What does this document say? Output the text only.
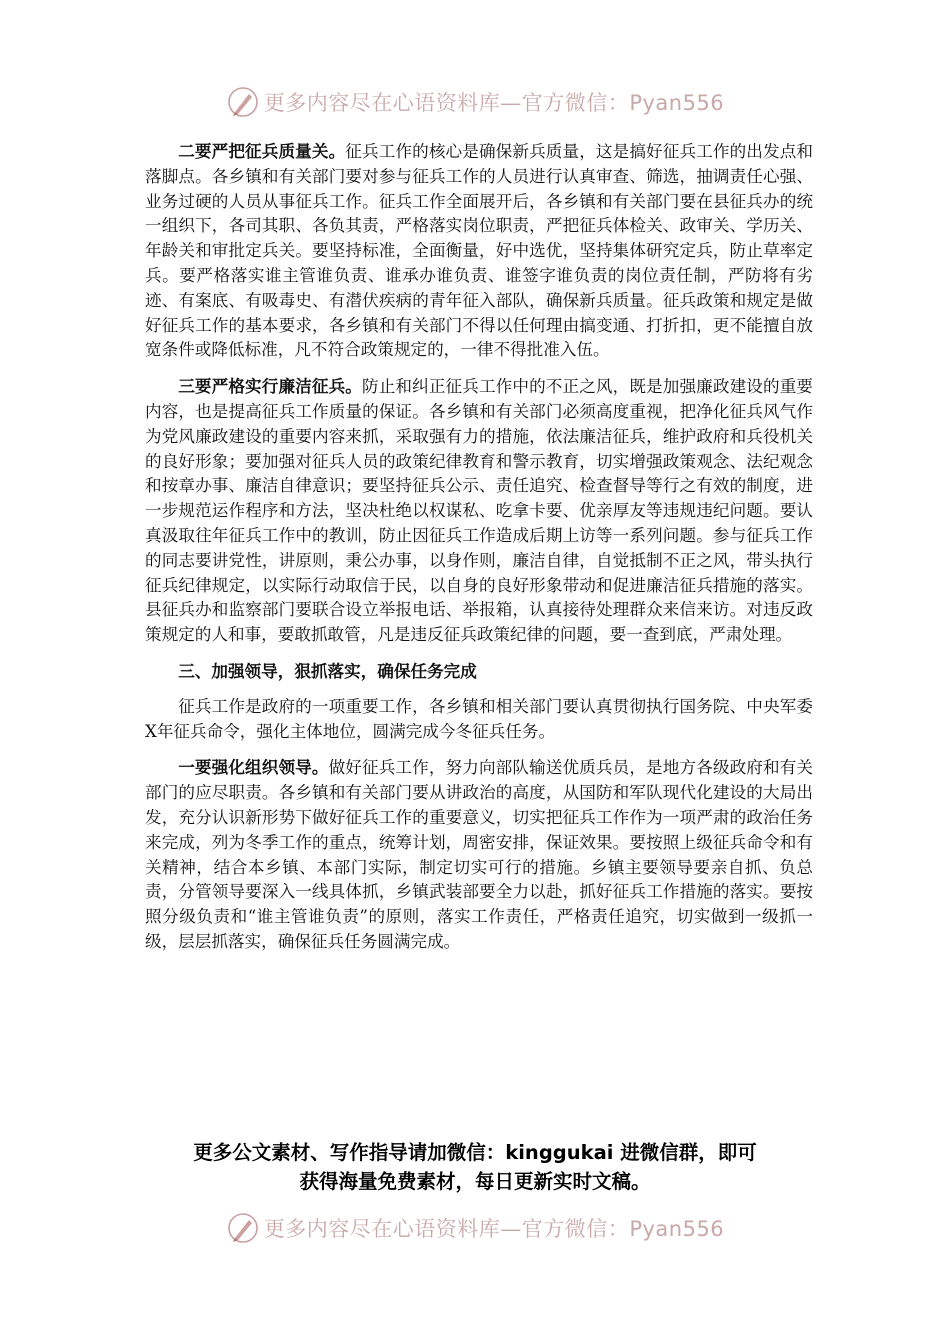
更多内容尽在心语资料库—官方微信：Pyan556

二要严把征兵质量关。征兵工作的核心是确保新兵质量，这是搞好征兵工作的出发点和落脚点。各乡镇和有关部门要对参与征兵工作的人员进行认真审查、筛选，抽调责任心强、业务过硬的人员从事征兵工作。征兵工作全面展开后，各乡镇和有关部门要在县征兵办的统一组织下，各司其职、各负其责，严格落实岗位职责，严把征兵体检关、政审关、学历关、年龄关和审批定兵关。要坚持标准，全面衡量，好中选优，坚持集体研究定兵，防止草率定兵。要严格落实谁主管谁负责、谁承办谁负责、谁签字谁负责的岗位责任制，严防将有劣迹、有案底、有吸毒史、有潜伏疾病的青年征入部队，确保新兵质量。征兵政策和规定是做好征兵工作的基本要求，各乡镇和有关部门不得以任何理由搞变通、打折扣，更不能擅自放宽条件或降低标准，凡不符合政策规定的，一律不得批准入伍。

三要严格实行廉洁征兵。防止和纠正征兵工作中的不正之风，既是加强廉政建设的重要内容，也是提高征兵工作质量的保证。各乡镇和有关部门必须高度重视，把净化征兵风气作为党风廉政建设的重要内容来抓，采取强有力的措施，依法廉洁征兵，维护政府和兵役机关的良好形象；要加强对征兵人员的政策纪律教育和警示教育，切实增强政策观念、法纪观念和按章办事、廉洁自律意识；要坚持征兵公示、责任追究、检查督导等行之有效的制度，进一步规范运作程序和方法，坚决杜绝以权谋私、吃拿卡要、优亲厚友等违规违纪问题。要认真汲取往年征兵工作中的教训，防止因征兵工作造成后期上访等一系列问题。参与征兵工作的同志要讲党性，讲原则，秉公办事，以身作则，廉洁自律，自觉抵制不正之风，带头执行征兵纪律规定，以实际行动取信于民，以自身的良好形象带动和促进廉洁征兵措施的落实。县征兵办和监察部门要联合设立举报电话、举报箱，认真接待处理群众来信来访。对违反政策规定的人和事，要敢抓敢管，凡是违反征兵政策纪律的问题，要一查到底，严肃处理。

三、加强领导，狠抓落实，确保任务完成

征兵工作是政府的一项重要工作，各乡镇和相关部门要认真贯彻执行国务院、中央军委X年征兵命令，强化主体地位，圆满完成今冬征兵任务。

一要强化组织领导。做好征兵工作，努力向部队输送优质兵员，是地方各级政府和有关部门的应尽职责。各乡镇和有关部门要从讲政治的高度，从国防和军队现代化建设的大局出发，充分认识新形势下做好征兵工作的重要意义，切实把征兵工作作为一项严肃的政治任务来完成，列为冬季工作的重点，统筹计划，周密安排，保证效果。要按照上级征兵命令和有关精神，结合本乡镇、本部门实际，制定切实可行的措施。乡镇主要领导要亲自抓、负总责，分管领导要深入一线具体抓，乡镇武装部要全力以赴，抓好征兵工作措施的落实。要按照分级负责和“谁主管谁负责”的原则，落实工作责任，严格责任追究，切实做到一级抓一级，层层抓落实，确保征兵任务圆满完成。

更多公文素材、写作指导请加微信：kinggukai 进微信群，即可
获得海量免费素材，每日更新实时文稿。
更多内容尽在心语资料库—官方微信：Pyan556
